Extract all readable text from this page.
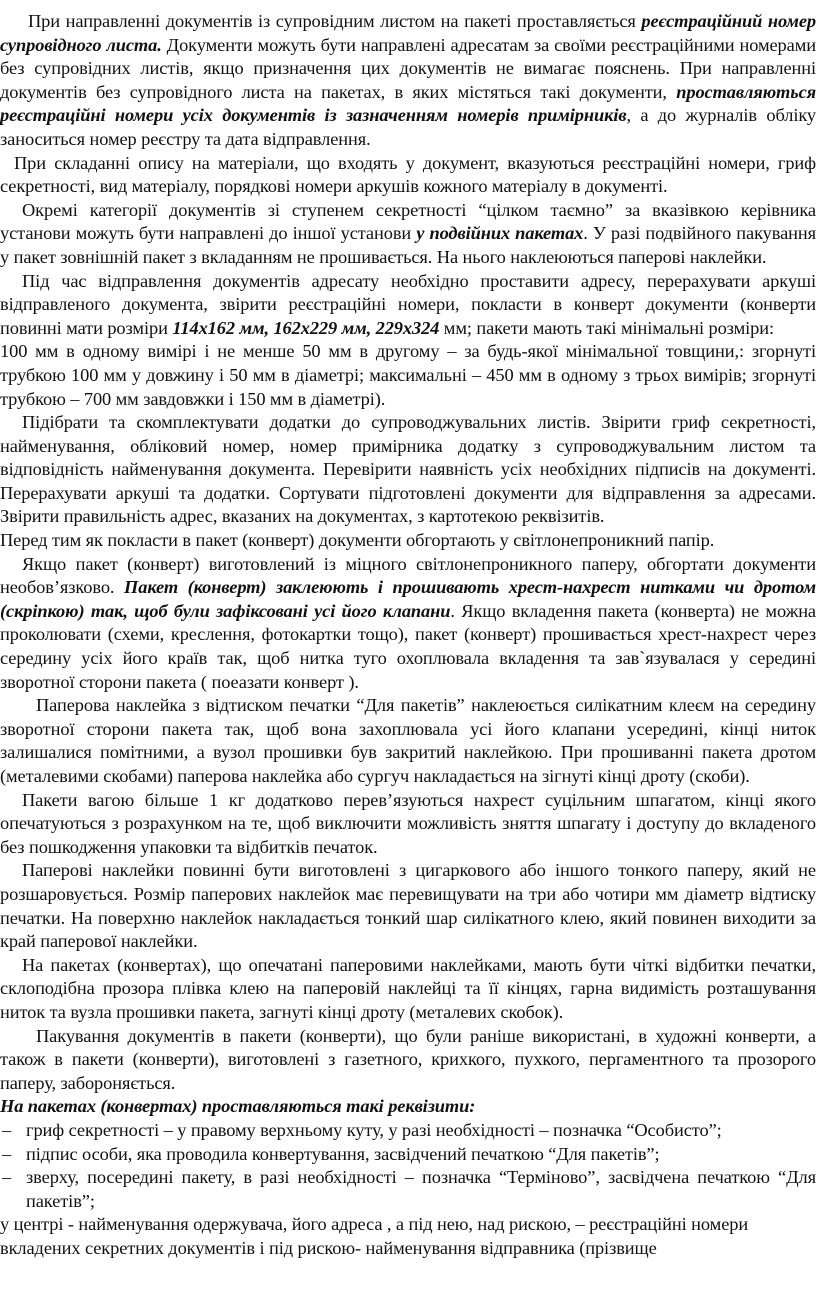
При направленні документів із супровідним листом на пакеті проставляється реєстраційний номер супровідного листа. Документи можуть бути направлені адресатам за своїми реєстраційними номерами без супровідних листів, якщо призначення цих документів не вимагає пояснень. При направленні документів без супровідного листа на пакетах, в яких містяться такі документи, проставляються реєстраційні номери усіх документів із зазначенням номерів примірників, а до журналів обліку заноситься номер реєстру та дата відправлення.

При складанні опису на матеріали, що входять у документ, вказуються реєстраційні номери, гриф секретності, вид матеріалу, порядкові номери аркушів кожного матеріалу в документі.

Окремі категорії документів зі ступенем секретності “цілком таємно” за вказівкою керівника установи можуть бути направлені до іншої установи у подвійних пакетах. У разі подвійного пакування у пакет зовнішній пакет з вкладанням не прошивається. На нього наклеюються паперові наклейки.

Під час відправлення документів адресату необхідно проставити адресу, перерахувати аркуші відправленого документа, звірити реєстраційні номери, покласти в конверт документи (конверти повинні мати розміри 114х162 мм, 162х229 мм, 229х324 мм; пакети мають такі мінімальні розміри:

100 мм в одному вимірі і не менше 50 мм в другому – за будь-якої мінімальної товщини,: згорнуті трубкою 100 мм у довжину і 50 мм в діаметрі; максимальні – 450 мм в одному з трьох вимірів; згорнуті трубкою – 700 мм завдовжки і 150 мм в діаметрі).

Підібрати та скомплектувати додатки до супроводжувальних листів. Звірити гриф секретності, найменування, обліковий номер, номер примірника додатку з супроводжувальним листом та відповідність найменування документа. Перевірити наявність усіх необхідних підписів на документі. Перерахувати аркуші та додатки. Сортувати підготовлені документи для відправлення за адресами. Звірити правильність адрес, вказаних на документах, з картотекою реквізитів.

Перед тим як покласти в пакет (конверт) документи обгортають у світлонепроникний папір.

Якщо пакет (конверт) виготовлений із міцного світлонепроникного паперу, обгортати документи необов’язково. Пакет (конверт) заклеюють і прошивають хрест-нахрест нитками чи дротом (скріпкою) так, щоб були зафіксовані усі його клапани. Якщо вкладення пакета (конверта) не можна проколювати (схеми, креслення, фотокартки тощо), пакет (конверт) прошивається хрест-нахрест через середину усіх його країв так, щоб нитка туго охоплювала вкладення та зав`язувалася у середині зворотної сторони пакета ( поеазати конверт ).

Паперова наклейка з відтиском печатки “Для пакетів” наклеюється силікатним клеєм на середину зворотної сторони пакета так, щоб вона захоплювала усі його клапани усередині, кінці ниток залишалися помітними, а вузол прошивки був закритий наклейкою. При прошиванні пакета дротом (металевими скобами) паперова наклейка або сургуч накладається на зігнуті кінці дроту (скоби).

Пакети вагою більше 1 кг додатково перев’язуються нахрест суцільним шпагатом, кінці якого опечатуються з розрахунком на те, щоб виключити можливість зняття шпагату і доступу до вкладеного без пошкодження упаковки та відбитків печаток.

Паперові наклейки повинні бути виготовлені з цигаркового або іншого тонкого паперу, який не розшаровується. Розмір паперових наклейок має перевищувати на три або чотири мм діаметр відтиску печатки. На поверхню наклейок накладається тонкий шар силікатного клею, який повинен виходити за край паперової наклейки.

На пакетах (конвертах), що опечатані паперовими наклейками, мають бути чіткі відбитки печатки, склоподібна прозора плівка клею на паперовій наклейці та її кінцях, гарна видимість розташування ниток та вузла прошивки пакета, загнуті кінці дроту (металевих скобок).

Пакування документів в пакети (конверти), що були раніше використані, в художні конверти, а також в пакети (конверти), виготовлені з газетного, крихкого, пухкого, пергаментного та прозорого паперу, забороняється.

На пакетах (конвертах) проставляються такі реквізити:

– гриф секретності – у правому верхньому куту, у разі необхідності – позначка “Особисто”;
– підпис особи, яка проводила конвертування, засвідчений печаткою “Для пакетів”;
– зверху, посередині пакету, в разі необхідності – позначка “Терміново”, засвідчена печаткою “Для пакетів”;

у центрі - найменування одержувача, його адреса , а під нею, над рискою, – реєстраційні номери вкладених секретних документів і під рискою- найменування відправника (прізвище
